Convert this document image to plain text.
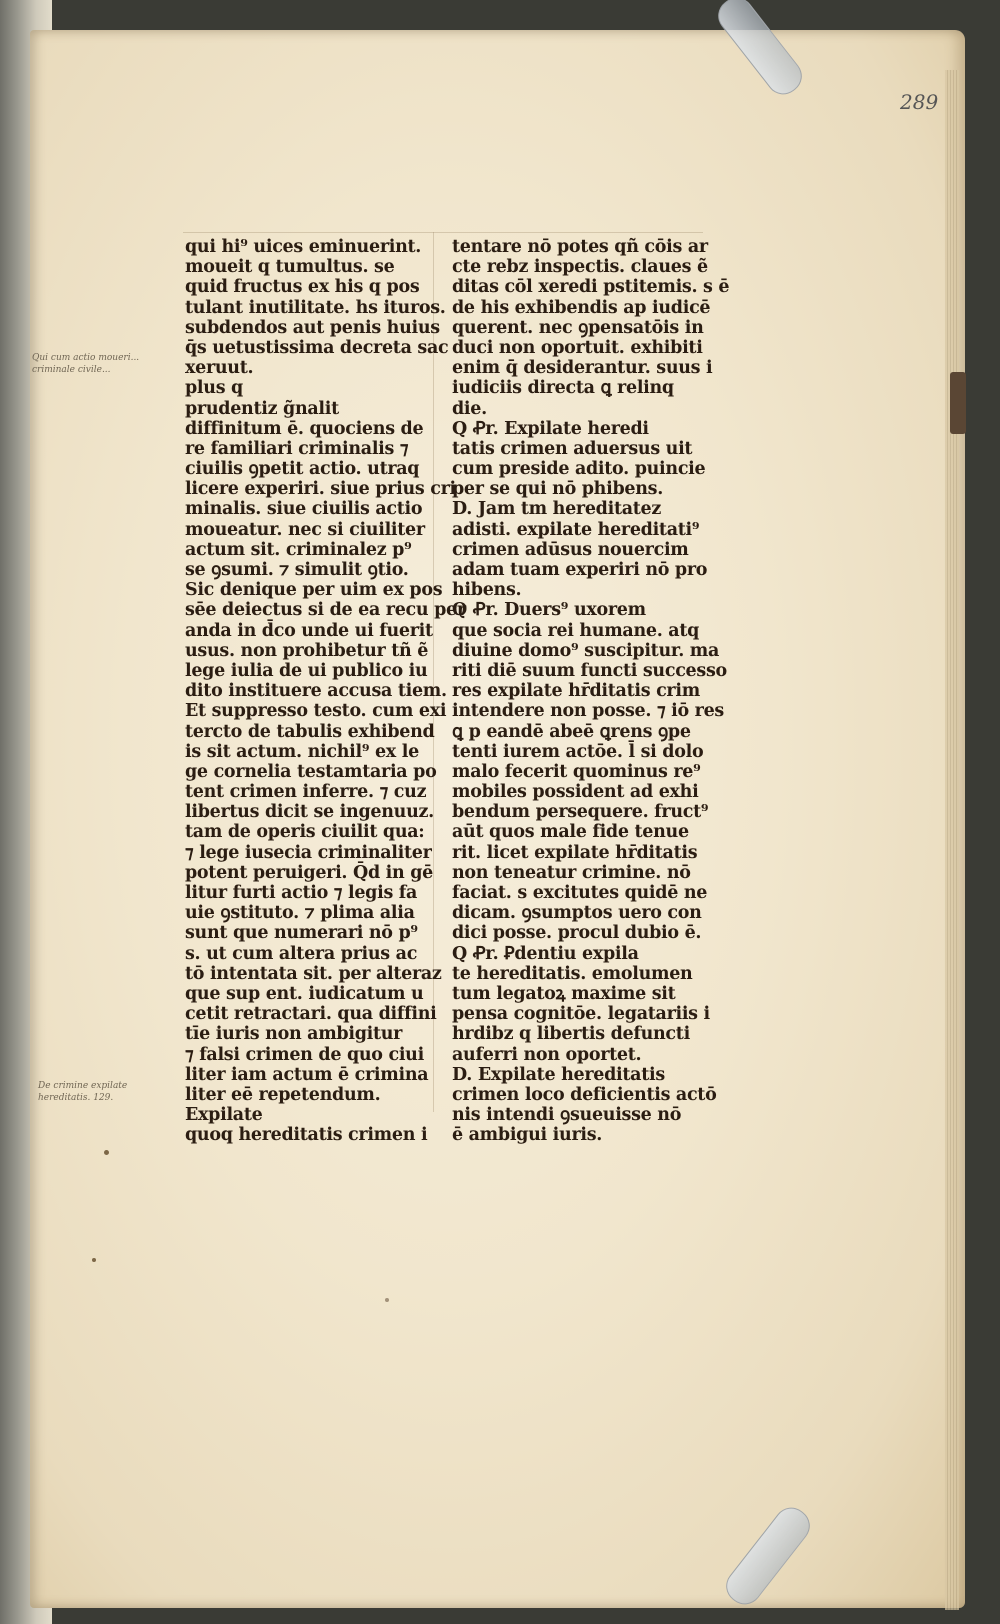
289
Qui cum actio moueri... criminale civile...
De crimine expilate hereditatis. 129.
qui hi⁹ uices eminuerint.
moueit q tumultus. se
quid fructus ex his q pos
tulant inutilitate. hs ituros.
subdendos aut penis huius
q̄s uetustissima decreta sac
xeruut.
plus q
prudentiz g̃nalit
diffinitum ē. quociens de
re familiari criminalis ⁊
ciuilis ꝯpetit actio. utraq
licere experiri. siue prius cri
minalis. siue ciuilis actio
moueatur. nec si ciuiliter
actum sit. criminalez p⁹
se ꝯsumi. ⁊ simulit ꝯtio.
Sic denique per uim ex pos
sēe deiectus si de ea recu per
anda in d̄co unde ui fuerit
usus. non prohibetur tñ ẽ
lege iulia de ui publico iu
dito instituere accusa tiem.
Et suppresso testo. cum exi
tercto de tabulis exhibend
is sit actum. nichil⁹ ex le
ge cornelia testamtaria po
tent crimen inferre. ⁊ cuz
libertus dicit se ingenuuz.
tam de operis ciuilit qua:
⁊ lege iusecia criminaliter
potent peruigeri. Q̄d in gē
litur furti actio ⁊ legis fa
uie ꝯstituto. ⁊ plima alia
sunt que numerari nō p⁹
s. ut cum altera prius ac
tō intentata sit. per alteraz
que sup ent. iudicatum u
cetit retractari. qua diffini
tīe iuris non ambigitur
⁊ falsi crimen de quo ciui
liter iam actum ē crimina
liter eē repetendum.
Expilate
quoq hereditatis crimen i
tentare nō potes qñ cōis ar
cte rebz inspectis. claues ẽ
ditas cōl xeredi pstitemis. s ē
de his exhibendis ap iudicē
querent. nec ꝯpensatōis in
duci non oportuit. exhibiti
enim q̄ desiderantur. suus i
iudiciis directa ꝗ relinq
die.
Q Ꝓr. Expilate heredi
tatis crimen aduersus uit
cum preside adito. puincie
per se qui nō phibens.
D. Jam tm hereditatez
adisti. expilate hereditati⁹
crimen adūsus nouercim
adam tuam experiri nō pro
hibens.
Q Ꝓr. Duers⁹ uxorem
que socia rei humane. atq
diuine domo⁹ suscipitur. ma
riti diē suum functi successo
res expilate hr̄ditatis crim
intendere non posse. ⁊ iō res
ꝗ p eandē abeē ꝗrens ꝯpe
tenti iurem actōe. l̄ si dolo
malo fecerit quominus re⁹
mobiles possident ad exhi
bendum persequere. fruct⁹
aūt quos male fide tenue
rit. licet expilate hr̄ditatis
non teneatur crimine. nō
faciat. s excitutes quidē ne
dicam. ꝯsumptos uero con
dici posse. procul dubio ē.
Q Ꝓr. Ꝑdentiu expila
te hereditatis. emolumen
tum legatoꝝ maxime sit
pensa cognitōe. legatariis i
hrdibz q libertis defuncti
auferri non oportet.
D. Expilate hereditatis
crimen loco deficientis actō
nis intendi ꝯsueuisse nō
ē ambigui iuris.
